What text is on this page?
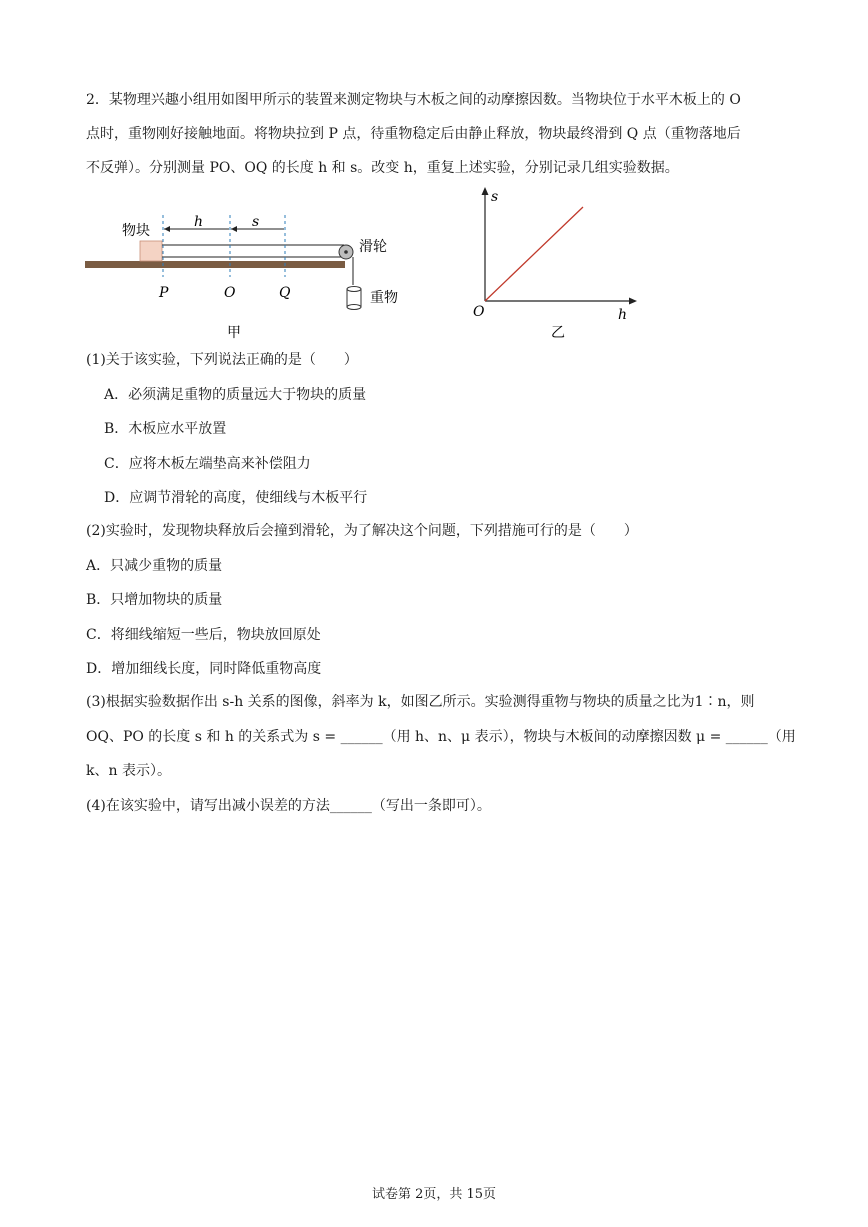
2．某物理兴趣小组用如图甲所示的装置来测定物块与木板之间的动摩擦因数。当物块位于水平木板上的 O
点时，重物刚好接触地面。将物块拉到 P 点，待重物稳定后由静止释放，物块最终滑到 Q 点（重物落地后
不反弹）。分别测量 PO、OQ 的长度 h 和 s。改变 h，重复上述实验，分别记录几组实验数据。
物块
h	s
滑轮
重物
P	O	Q
甲
s
h
O
乙
(1)关于该实验，下列说法正确的是（　　）
A．必须满足重物的质量远大于物块的质量
B．木板应水平放置
C．应将木板左端垫高来补偿阻力
D．应调节滑轮的高度，使细线与木板平行
(2)实验时，发现物块释放后会撞到滑轮，为了解决这个问题，下列措施可行的是（　　）
A．只减少重物的质量
B．只增加物块的质量
C．将细线缩短一些后，物块放回原处
D．增加细线长度，同时降低重物高度
(3)根据实验数据作出 s-h 关系的图像，斜率为 k，如图乙所示。实验测得重物与物块的质量之比为1∶n，则
OQ、PO 的长度 s 和 h 的关系式为 s = ______（用 h、n、μ 表示），物块与木板间的动摩擦因数 μ = ______（用
k、n 表示）。
(4)在该实验中，请写出减小误差的方法______（写出一条即可）。
试卷第 2页，共 15页
